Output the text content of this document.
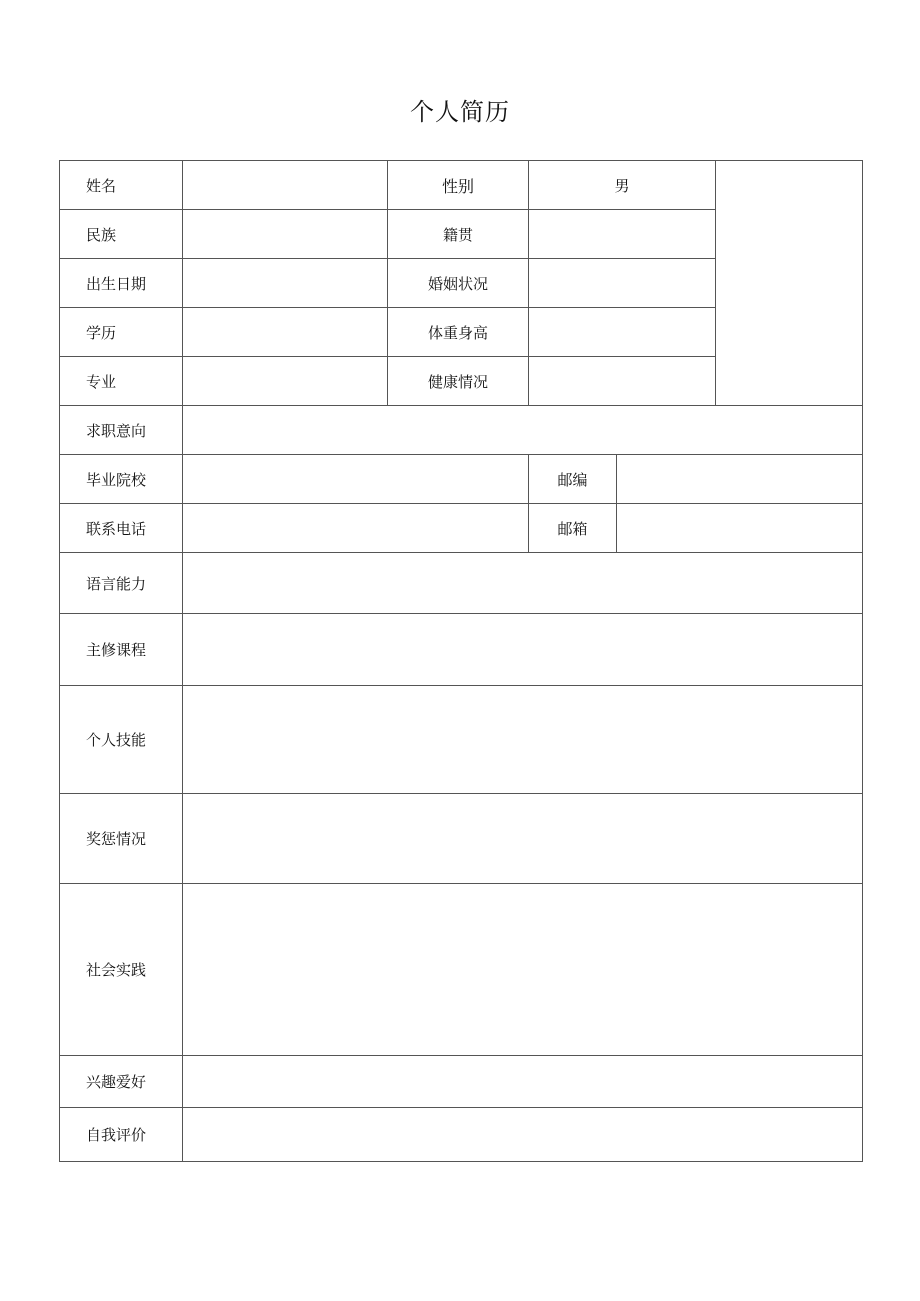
个人简历
姓名		性别	男		
民族		籍贯			
出生日期		婚姻状况			
学历		体重身高			
专业		健康情况			
求职意向					
毕业院校			邮编		
联系电话			邮箱		
语言能力					
主修课程					
个人技能					
奖惩情况					
社会实践					
兴趣爱好					
自我评价					
